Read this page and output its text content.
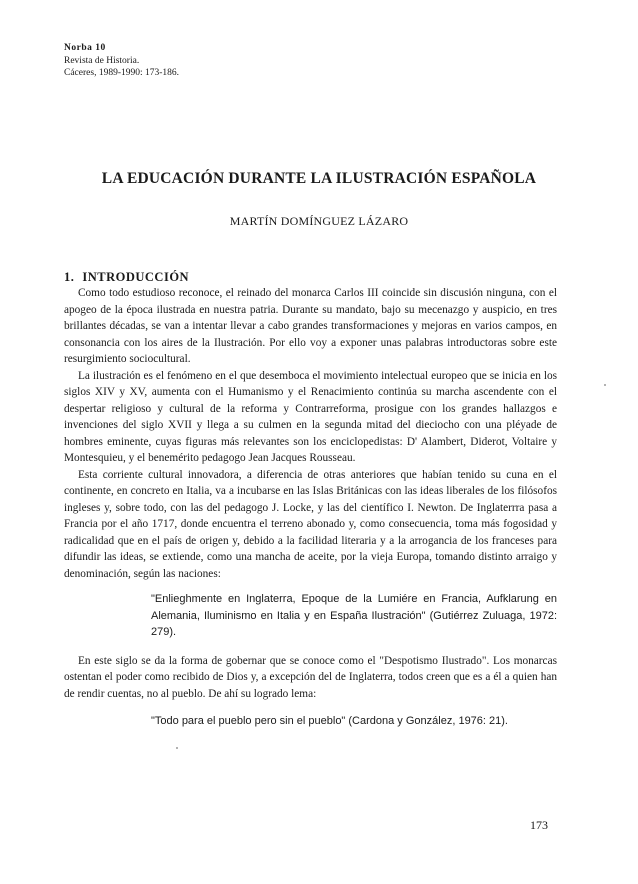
Norba 10
Revista de Historia.
Cáceres, 1989-1990: 173-186.
LA EDUCACIÓN DURANTE LA ILUSTRACIÓN ESPAÑOLA
MARTÍN DOMÍNGUEZ LÁZARO
1. INTRODUCCIÓN

Como todo estudioso reconoce, el reinado del monarca Carlos III coincide sin discusión ninguna, con el apogeo de la época ilustrada en nuestra patria. Durante su mandato, bajo su mecenazgo y auspicio, en tres brillantes décadas, se van a intentar llevar a cabo grandes transformaciones y mejoras en varios campos, en consonancia con los aires de la Ilustración. Por ello voy a exponer unas palabras introductoras sobre este resurgimiento sociocultural.

La ilustración es el fenómeno en el que desemboca el movimiento intelectual europeo que se inicia en los siglos XIV y XV, aumenta con el Humanismo y el Renacimiento continúa su marcha ascendente con el despertar religioso y cultural de la reforma y Contrarreforma, prosigue con los grandes hallazgos e invenciones del siglo XVII y llega a su culmen en la segunda mitad del dieciocho con una pléyade de hombres eminente, cuyas figuras más relevantes son los enciclopedistas: D' Alambert, Diderot, Voltaire y Montesquieu, y el benemérito pedagogo Jean Jacques Rousseau.

Esta corriente cultural innovadora, a diferencia de otras anteriores que habían tenido su cuna en el continente, en concreto en Italia, va a incubarse en las Islas Británicas con las ideas liberales de los filósofos ingleses y, sobre todo, con las del pedagogo J. Locke, y las del científico I. Newton. De Inglaterrra pasa a Francia por el año 1717, donde encuentra el terreno abonado y, como consecuencia, toma más fogosidad y radicalidad que en el país de origen y, debido a la facilidad literaria y a la arrogancia de los franceses para difundir las ideas, se extiende, como una mancha de aceite, por la vieja Europa, tomando distinto arraigo y denominación, según las naciones:

"Enlieghmente en Inglaterra, Epoque de la Lumiére en Francia, Aufklarung en Alemania, Iluminismo en Italia y en España Ilustración" (Gutiérrez Zuluaga, 1972: 279).

En este siglo se da la forma de gobernar que se conoce como el "Despotismo Ilustrado". Los monarcas ostentan el poder como recibido de Dios y, a excepción del de Inglaterra, todos creen que es a él a quien han de rendir cuentas, no al pueblo. De ahí su logrado lema:

"Todo para el pueblo pero sin el pueblo" (Cardona y González, 1976: 21).
173
